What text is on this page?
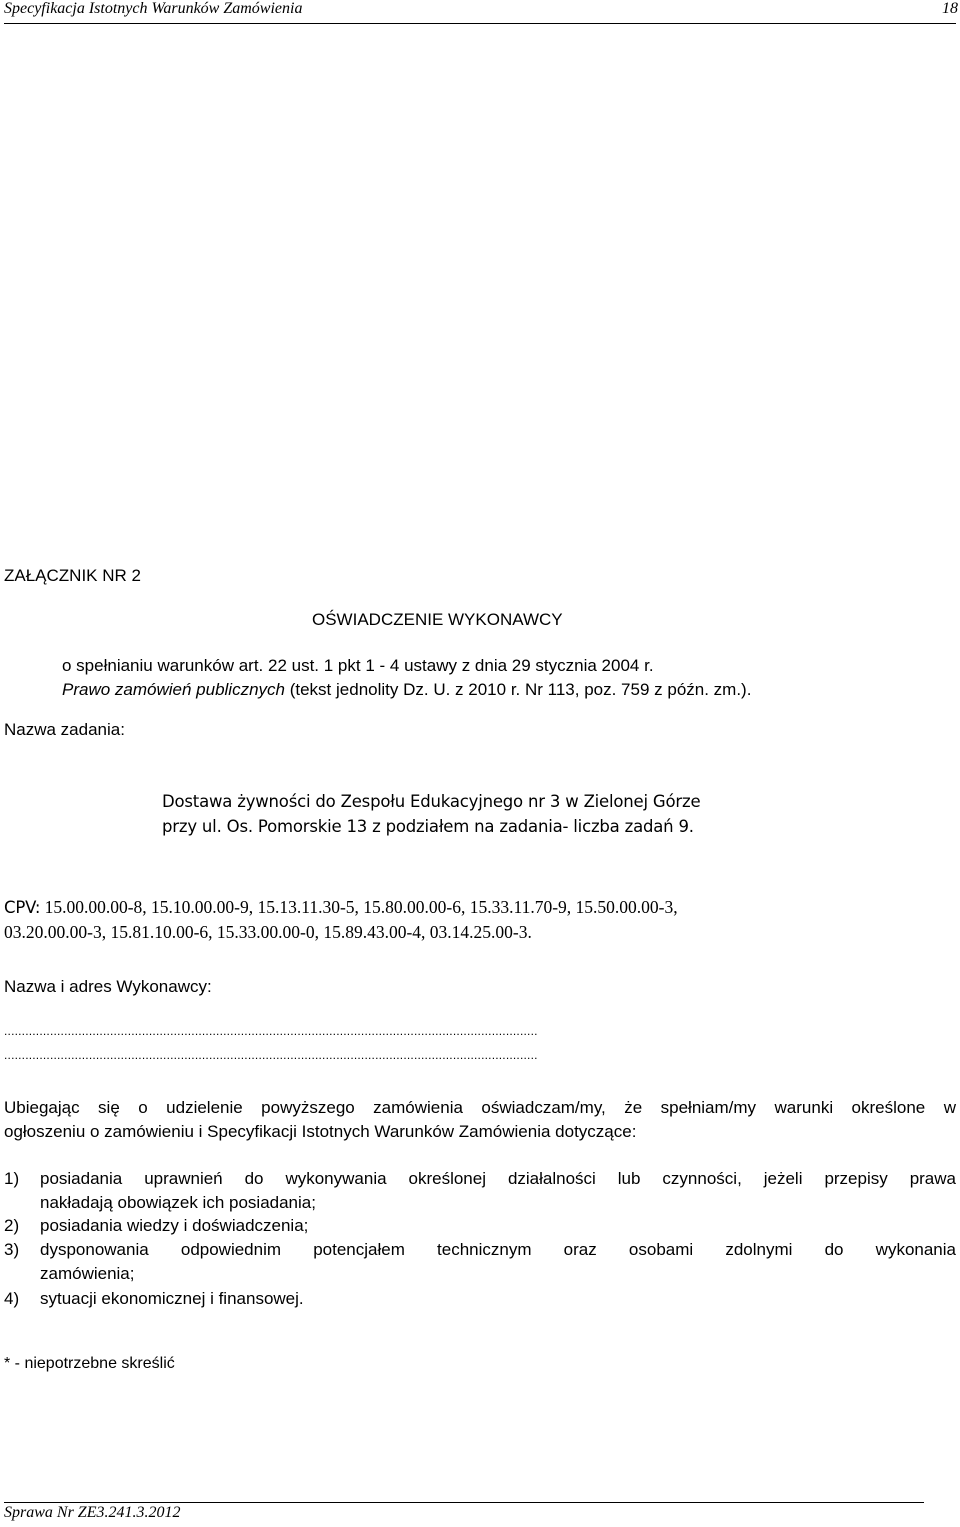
Specyfikacja Istotnych Warunków Zamówienia	18
ZAŁĄCZNIK NR 2
OŚWIADCZENIE WYKONAWCY
o spełnianiu warunków art. 22 ust. 1 pkt 1 - 4 ustawy z dnia 29 stycznia 2004 r.
Prawo zamówień publicznych (tekst jednolity Dz. U. z 2010 r. Nr 113, poz. 759 z późn. zm.).
Nazwa zadania:
Dostawa żywności do Zespołu Edukacyjnego nr 3 w Zielonej Górze
przy ul. Os. Pomorskie 13 z podziałem na zadania- liczba zadań 9.
CPV: 15.00.00.00-8, 15.10.00.00-9, 15.13.11.30-5, 15.80.00.00-6, 15.33.11.70-9, 15.50.00.00-3,
03.20.00.00-3, 15.81.10.00-6, 15.33.00.00-0, 15.89.43.00-4, 03.14.25.00-3.
Nazwa i adres Wykonawcy:
.......................................................................................................................................................
.......................................................................................................................................................
Ubiegając się o udzielenie powyższego zamówienia oświadczam/my, że spełniam/my warunki określone w
ogłoszeniu o zamówieniu i Specyfikacji Istotnych Warunków Zamówienia dotyczące:
1) posiadania uprawnień do wykonywania określonej działalności lub czynności, jeżeli przepisy prawa
nakładają obowiązek ich posiadania;
2) posiadania wiedzy i doświadczenia;
3) dysponowania odpowiednim potencjałem technicznym oraz osobami zdolnymi do wykonania
zamówienia;
4) sytuacji ekonomicznej i finansowej.
* - niepotrzebne skreślić
Sprawa Nr ZE3.241.3.2012
